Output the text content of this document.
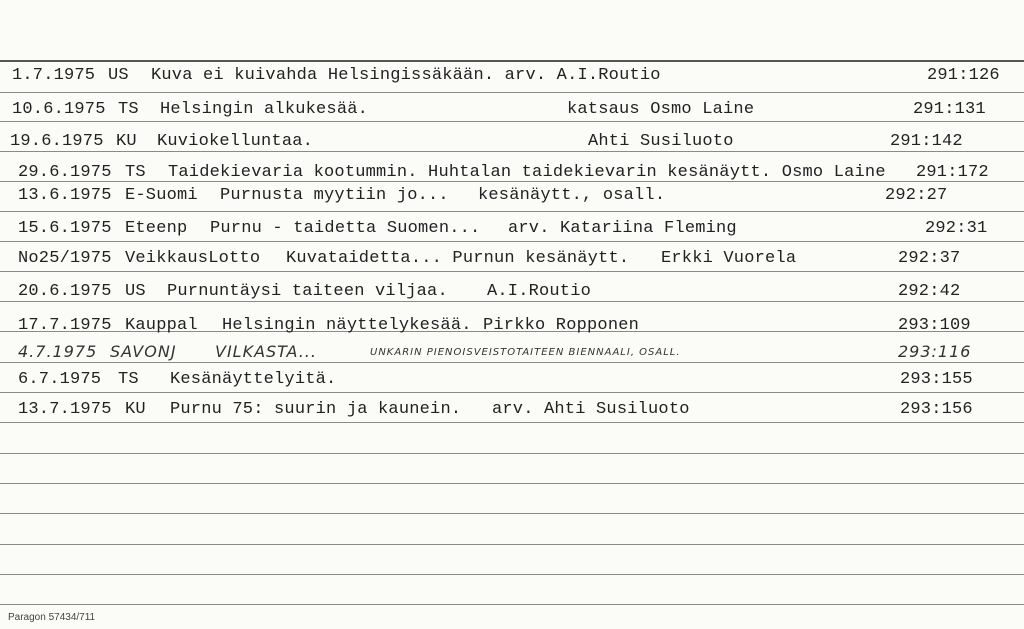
1.7.1975 US Kuva ei kuivahda Helsingissäkään. arv. A.I.Routio	291:126
10.6.1975 TS Helsingin alkukesää.	katsaus Osmo Laine	291:131
19.6.1975 KU Kuviokelluntaa.	Ahti Susiluoto	291:142
29.6.1975 TS Taidekievaria kootummin. Huhtalan taidekievarin kesänäytt. Osmo Laine 291:172
13.6.1975 E-Suomi Purnusta myytiin jo... kesänäytt., osall.	292:27
15.6.1975 Eteenp Purnu - taidetta Suomen... arv. Katariina Fleming	292:31
No25/1975 VeikkausLotto Kuvataidetta... Purnun kesänäytt. Erkki Vuorela	292:37
20.6.1975 US Purnuntäysi taiteen viljaa. A.I.Routio	292:42
17.7.1975 Kauppal Helsingin näyttelykesää. Pirkko Ropponen	293:109
4.7.1975 SAVONJ VILKASTA...	UNKARIN PIENOISVEISTOTAITEEN BIENNAALI, OSALL.	293:116
6.7.1975 TS Kesänäyttelyitä.	293:155
13.7.1975 KU Purnu 75: suurin ja kaunein. arv. Ahti Susiluoto	293:156
Paragon 57434/711
